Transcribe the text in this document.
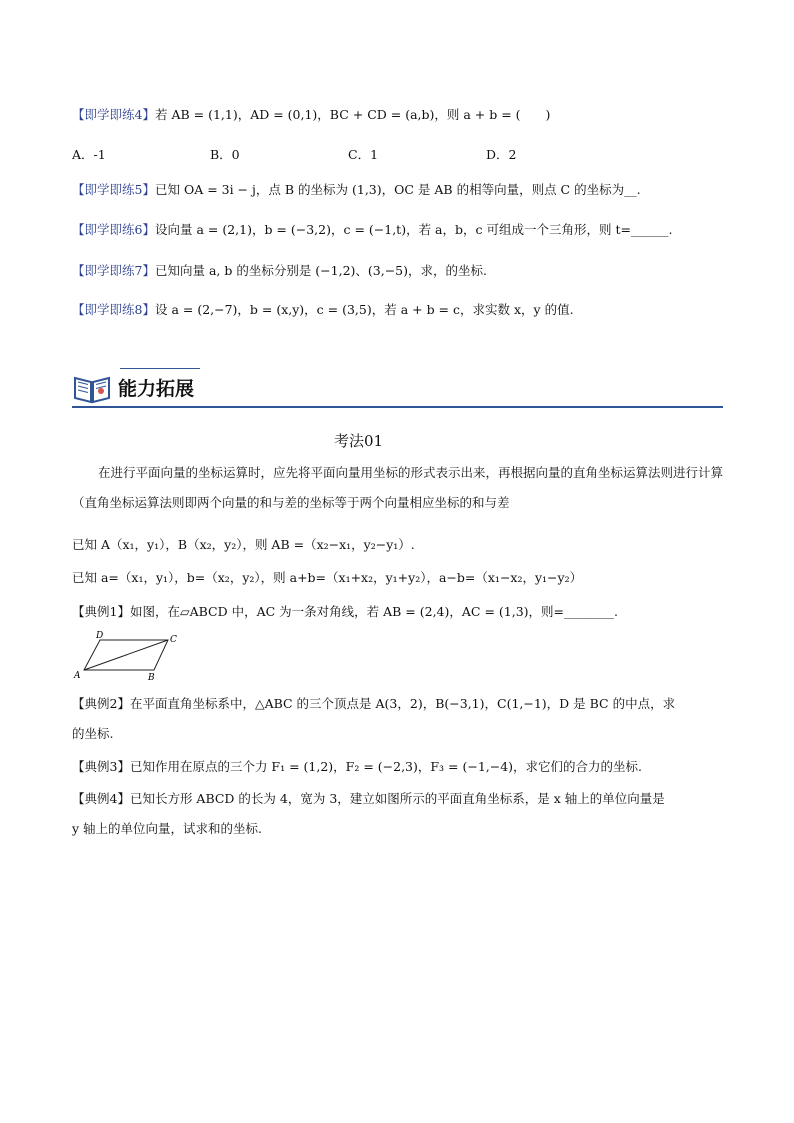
【即学即练4】若 AB = (1,1)，AD = (0,1)，BC + CD = (a,b)，则 a + b = (　　)
A．-1	B．0	C．1	D．2
【即学即练5】已知 OA = 3i − j，点 B 的坐标为 (1,3)，OC 是 AB 的相等向量，则点 C 的坐标为__.
【即学即练6】设向量 a = (2,1)，b = (−3,2)，c = (−1,t)，若 a，b，c 可组成一个三角形，则 t=______.
【即学即练7】已知向量 a, b 的坐标分别是 (−1,2)、(3,−5)，求，的坐标.
【即学即练8】设 a = (2,−7)，b = (x,y)，c = (3,5)，若 a + b = c，求实数 x，y 的值.
能力拓展
考法01
在进行平面向量的坐标运算时，应先将平面向量用坐标的形式表示出来，再根据向量的直角坐标运算法则进行计算（直角坐标运算法则即两个向量的和与差的坐标等于两个向量相应坐标的和与差
已知 A（x₁，y₁），B（x₂，y₂），则 AB =（x₂−x₁，y₂−y₁）.
已知 a=（x₁，y₁），b=（x₂，y₂），则 a+b=（x₁+x₂，y₁+y₂），a−b=（x₁−x₂，y₁−y₂）
【典例1】如图，在▱ABCD 中，AC 为一条对角线，若 AB = (2,4)，AC = (1,3)，则=________.
A	B
C
D
【典例2】在平面直角坐标系中，△ABC 的三个顶点是 A(3，2)，B(−3,1)，C(1,−1)，D 是 BC 的中点，求
的坐标.
【典例3】已知作用在原点的三个力 F₁ = (1,2)，F₂ = (−2,3)，F₃ = (−1,−4)，求它们的合力的坐标.
【典例4】已知长方形 ABCD 的长为 4，宽为 3，建立如图所示的平面直角坐标系，是 x 轴上的单位向量是
y 轴上的单位向量，试求和的坐标.
